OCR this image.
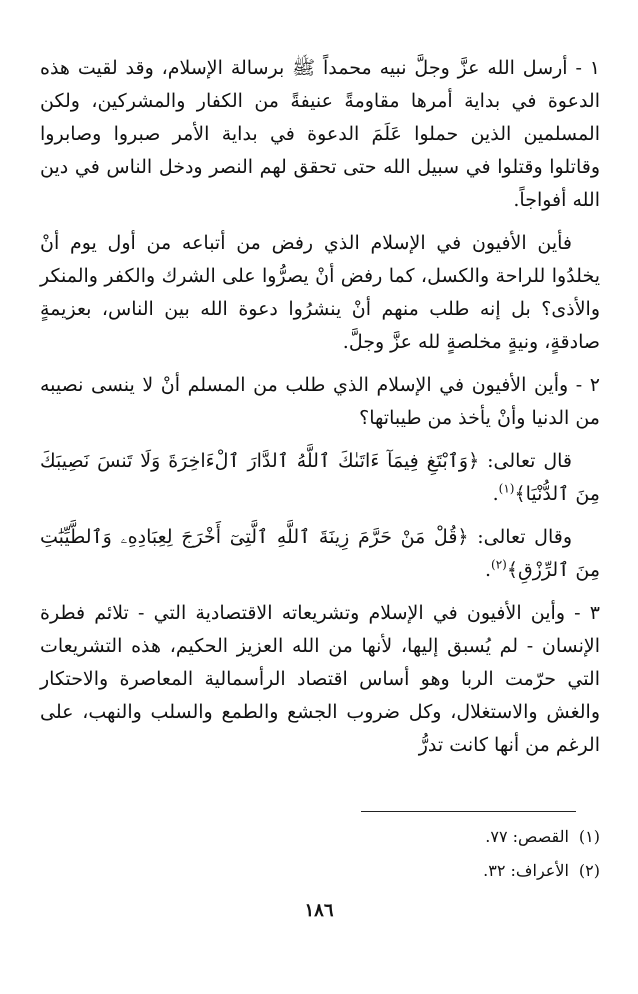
١ - أرسل الله عزَّ وجلَّ نبيه محمداً ﷺ برسالة الإسلام، وقد لقيت هذه الدعوة في بداية أمرها مقاومةً عنيفةً من الكفار والمشركين، ولكن المسلمين الذين حملوا عَلَمَ الدعوة في بداية الأمر صبروا وصابروا وقاتلوا وقتلوا في سبيل الله حتى تحقق لهم النصر ودخل الناس في دين الله أفواجاً.

فأين الأفيون في الإسلام الذي رفض من أتباعه من أول يوم أنْ يخلدُوا للراحة والكسل، كما رفض أنْ يصرُّوا على الشرك والكفر والمنكر والأذى؟ بل إنه طلب منهم أنْ ينشرُوا دعوة الله بين الناس، بعزيمةٍ صادقةٍ، ونيةٍ مخلصةٍ لله عزَّ وجلَّ.

٢ - وأين الأفيون في الإسلام الذي طلب من المسلم أنْ لا ينسى نصيبه من الدنيا وأنْ يأخذ من طيباتها؟

قال تعالى: ﴿وَٱبْتَغِ فِيمَآ ءَاتَىٰكَ ٱللَّهُ ٱلدَّارَ ٱلْءَاخِرَةَ وَلَا تَنسَ نَصِيبَكَ مِنَ ٱلدُّنْيَا﴾$^{(١)}$.

وقال تعالى: ﴿قُلْ مَنْ حَرَّمَ زِينَةَ ٱللَّهِ ٱلَّتِىٓ أَخْرَجَ لِعِبَادِهِۦ وَٱلطَّيِّبَٰتِ مِنَ ٱلرِّزْقِ﴾$^{(٢)}$.

٣ - وأين الأفيون في الإسلام وتشريعاته الاقتصادية التي - تلائم فطرة الإنسان - لم يُسبق إليها، لأنها من الله العزيز الحكيم، هذه التشريعات التي حرّمت الربا وهو أساس اقتصاد الرأسمالية المعاصرة والاحتكار والغش والاستغلال، وكل ضروب الجشع والطمع والسلب والنهب، على الرغم من أنها كانت تدرُّ

(١)القصص: ٧٧.

(٢)الأعراف: ٣٢.

١٨٦
